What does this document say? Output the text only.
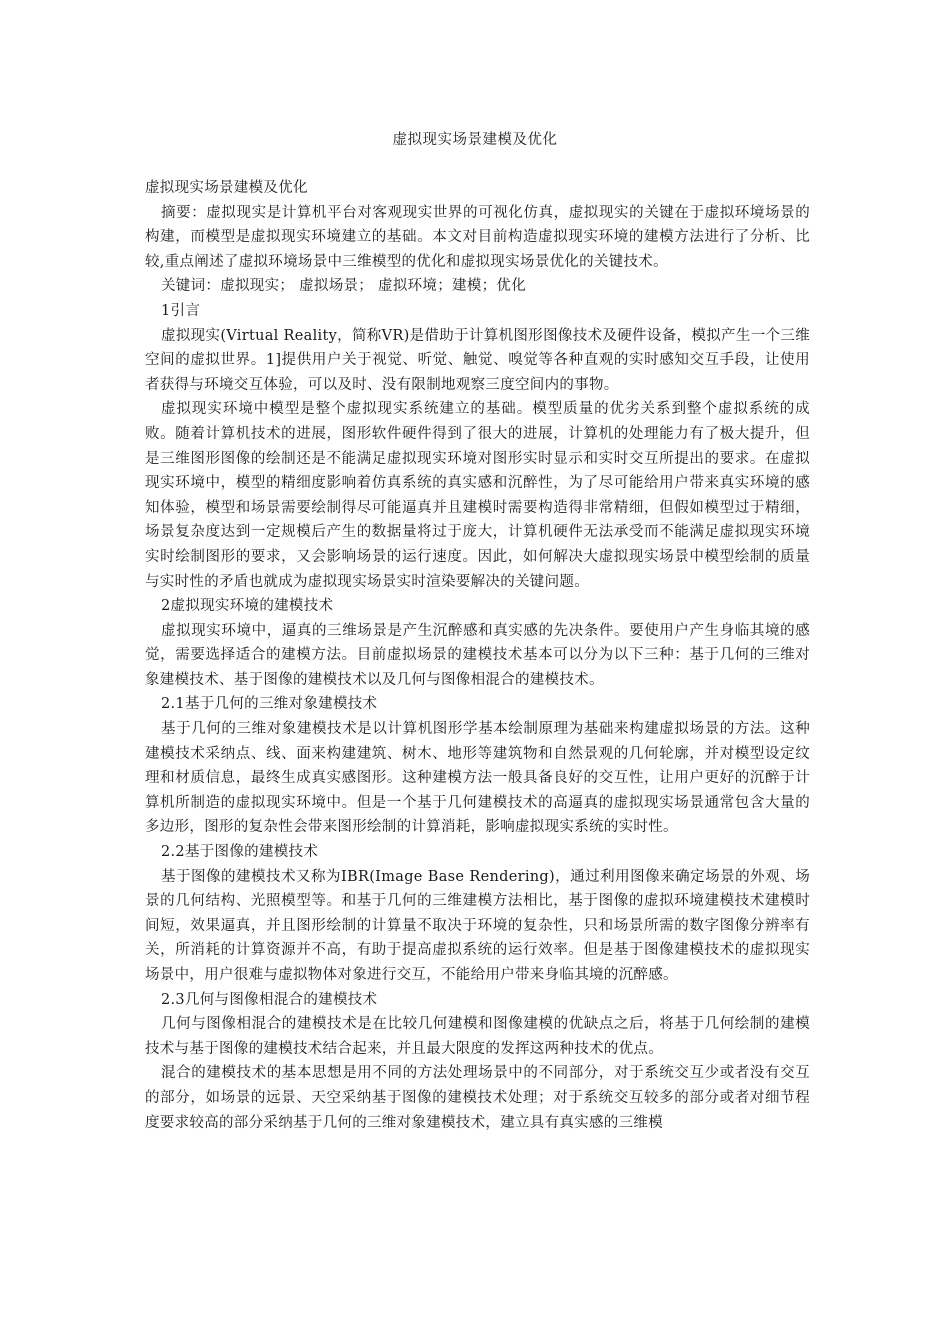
虚拟现实场景建模及优化

虚拟现实场景建模及优化

摘要：虚拟现实是计算机平台对客观现实世界的可视化仿真，虚拟现实的关键在于虚拟环境场景的构建，而模型是虚拟现实环境建立的基础。本文对目前构造虚拟现实环境的建模方法进行了分析、比较,重点阐述了虚拟环境场景中三维模型的优化和虚拟现实场景优化的关键技术。

关键词：虚拟现实； 虚拟场景； 虚拟环境；建模；优化

1引言

虚拟现实(Virtual Reality，简称VR)是借助于计算机图形图像技术及硬件设备，模拟产生一个三维空间的虚拟世界。1]提供用户关于视觉、听觉、触觉、嗅觉等各种直观的实时感知交互手段，让使用者获得与环境交互体验，可以及时、没有限制地观察三度空间内的事物。

虚拟现实环境中模型是整个虚拟现实系统建立的基础。模型质量的优劣关系到整个虚拟系统的成败。随着计算机技术的进展，图形软件硬件得到了很大的进展，计算机的处理能力有了极大提升，但是三维图形图像的绘制还是不能满足虚拟现实环境对图形实时显示和实时交互所提出的要求。在虚拟现实环境中，模型的精细度影响着仿真系统的真实感和沉醉性，为了尽可能给用户带来真实环境的感知体验，模型和场景需要绘制得尽可能逼真并且建模时需要构造得非常精细，但假如模型过于精细，场景复杂度达到一定规模后产生的数据量将过于庞大，计算机硬件无法承受而不能满足虚拟现实环境实时绘制图形的要求，又会影响场景的运行速度。因此，如何解决大虚拟现实场景中模型绘制的质量与实时性的矛盾也就成为虚拟现实场景实时渲染要解决的关键问题。

2虚拟现实环境的建模技术

虚拟现实环境中，逼真的三维场景是产生沉醉感和真实感的先决条件。要使用户产生身临其境的感觉，需要选择适合的建模方法。目前虚拟场景的建模技术基本可以分为以下三种：基于几何的三维对象建模技术、基于图像的建模技术以及几何与图像相混合的建模技术。

2.1基于几何的三维对象建模技术

基于几何的三维对象建模技术是以计算机图形学基本绘制原理为基础来构建虚拟场景的方法。这种建模技术采纳点、线、面来构建建筑、树木、地形等建筑物和自然景观的几何轮廓，并对模型设定纹理和材质信息，最终生成真实感图形。这种建模方法一般具备良好的交互性，让用户更好的沉醉于计算机所制造的虚拟现实环境中。但是一个基于几何建模技术的高逼真的虚拟现实场景通常包含大量的多边形，图形的复杂性会带来图形绘制的计算消耗，影响虚拟现实系统的实时性。

2.2基于图像的建模技术

基于图像的建模技术又称为IBR(Image Base Rendering)，通过利用图像来确定场景的外观、场景的几何结构、光照模型等。和基于几何的三维建模方法相比，基于图像的虚拟环境建模技术建模时间短，效果逼真，并且图形绘制的计算量不取决于环境的复杂性，只和场景所需的数字图像分辨率有关，所消耗的计算资源并不高，有助于提高虚拟系统的运行效率。但是基于图像建模技术的虚拟现实场景中，用户很难与虚拟物体对象进行交互，不能给用户带来身临其境的沉醉感。

2.3几何与图像相混合的建模技术

几何与图像相混合的建模技术是在比较几何建模和图像建模的优缺点之后，将基于几何绘制的建模技术与基于图像的建模技术结合起来，并且最大限度的发挥这两种技术的优点。

混合的建模技术的基本思想是用不同的方法处理场景中的不同部分，对于系统交互少或者没有交互的部分，如场景的远景、天空采纳基于图像的建模技术处理；对于系统交互较多的部分或者对细节程度要求较高的部分采纳基于几何的三维对象建模技术，建立具有真实感的三维模
